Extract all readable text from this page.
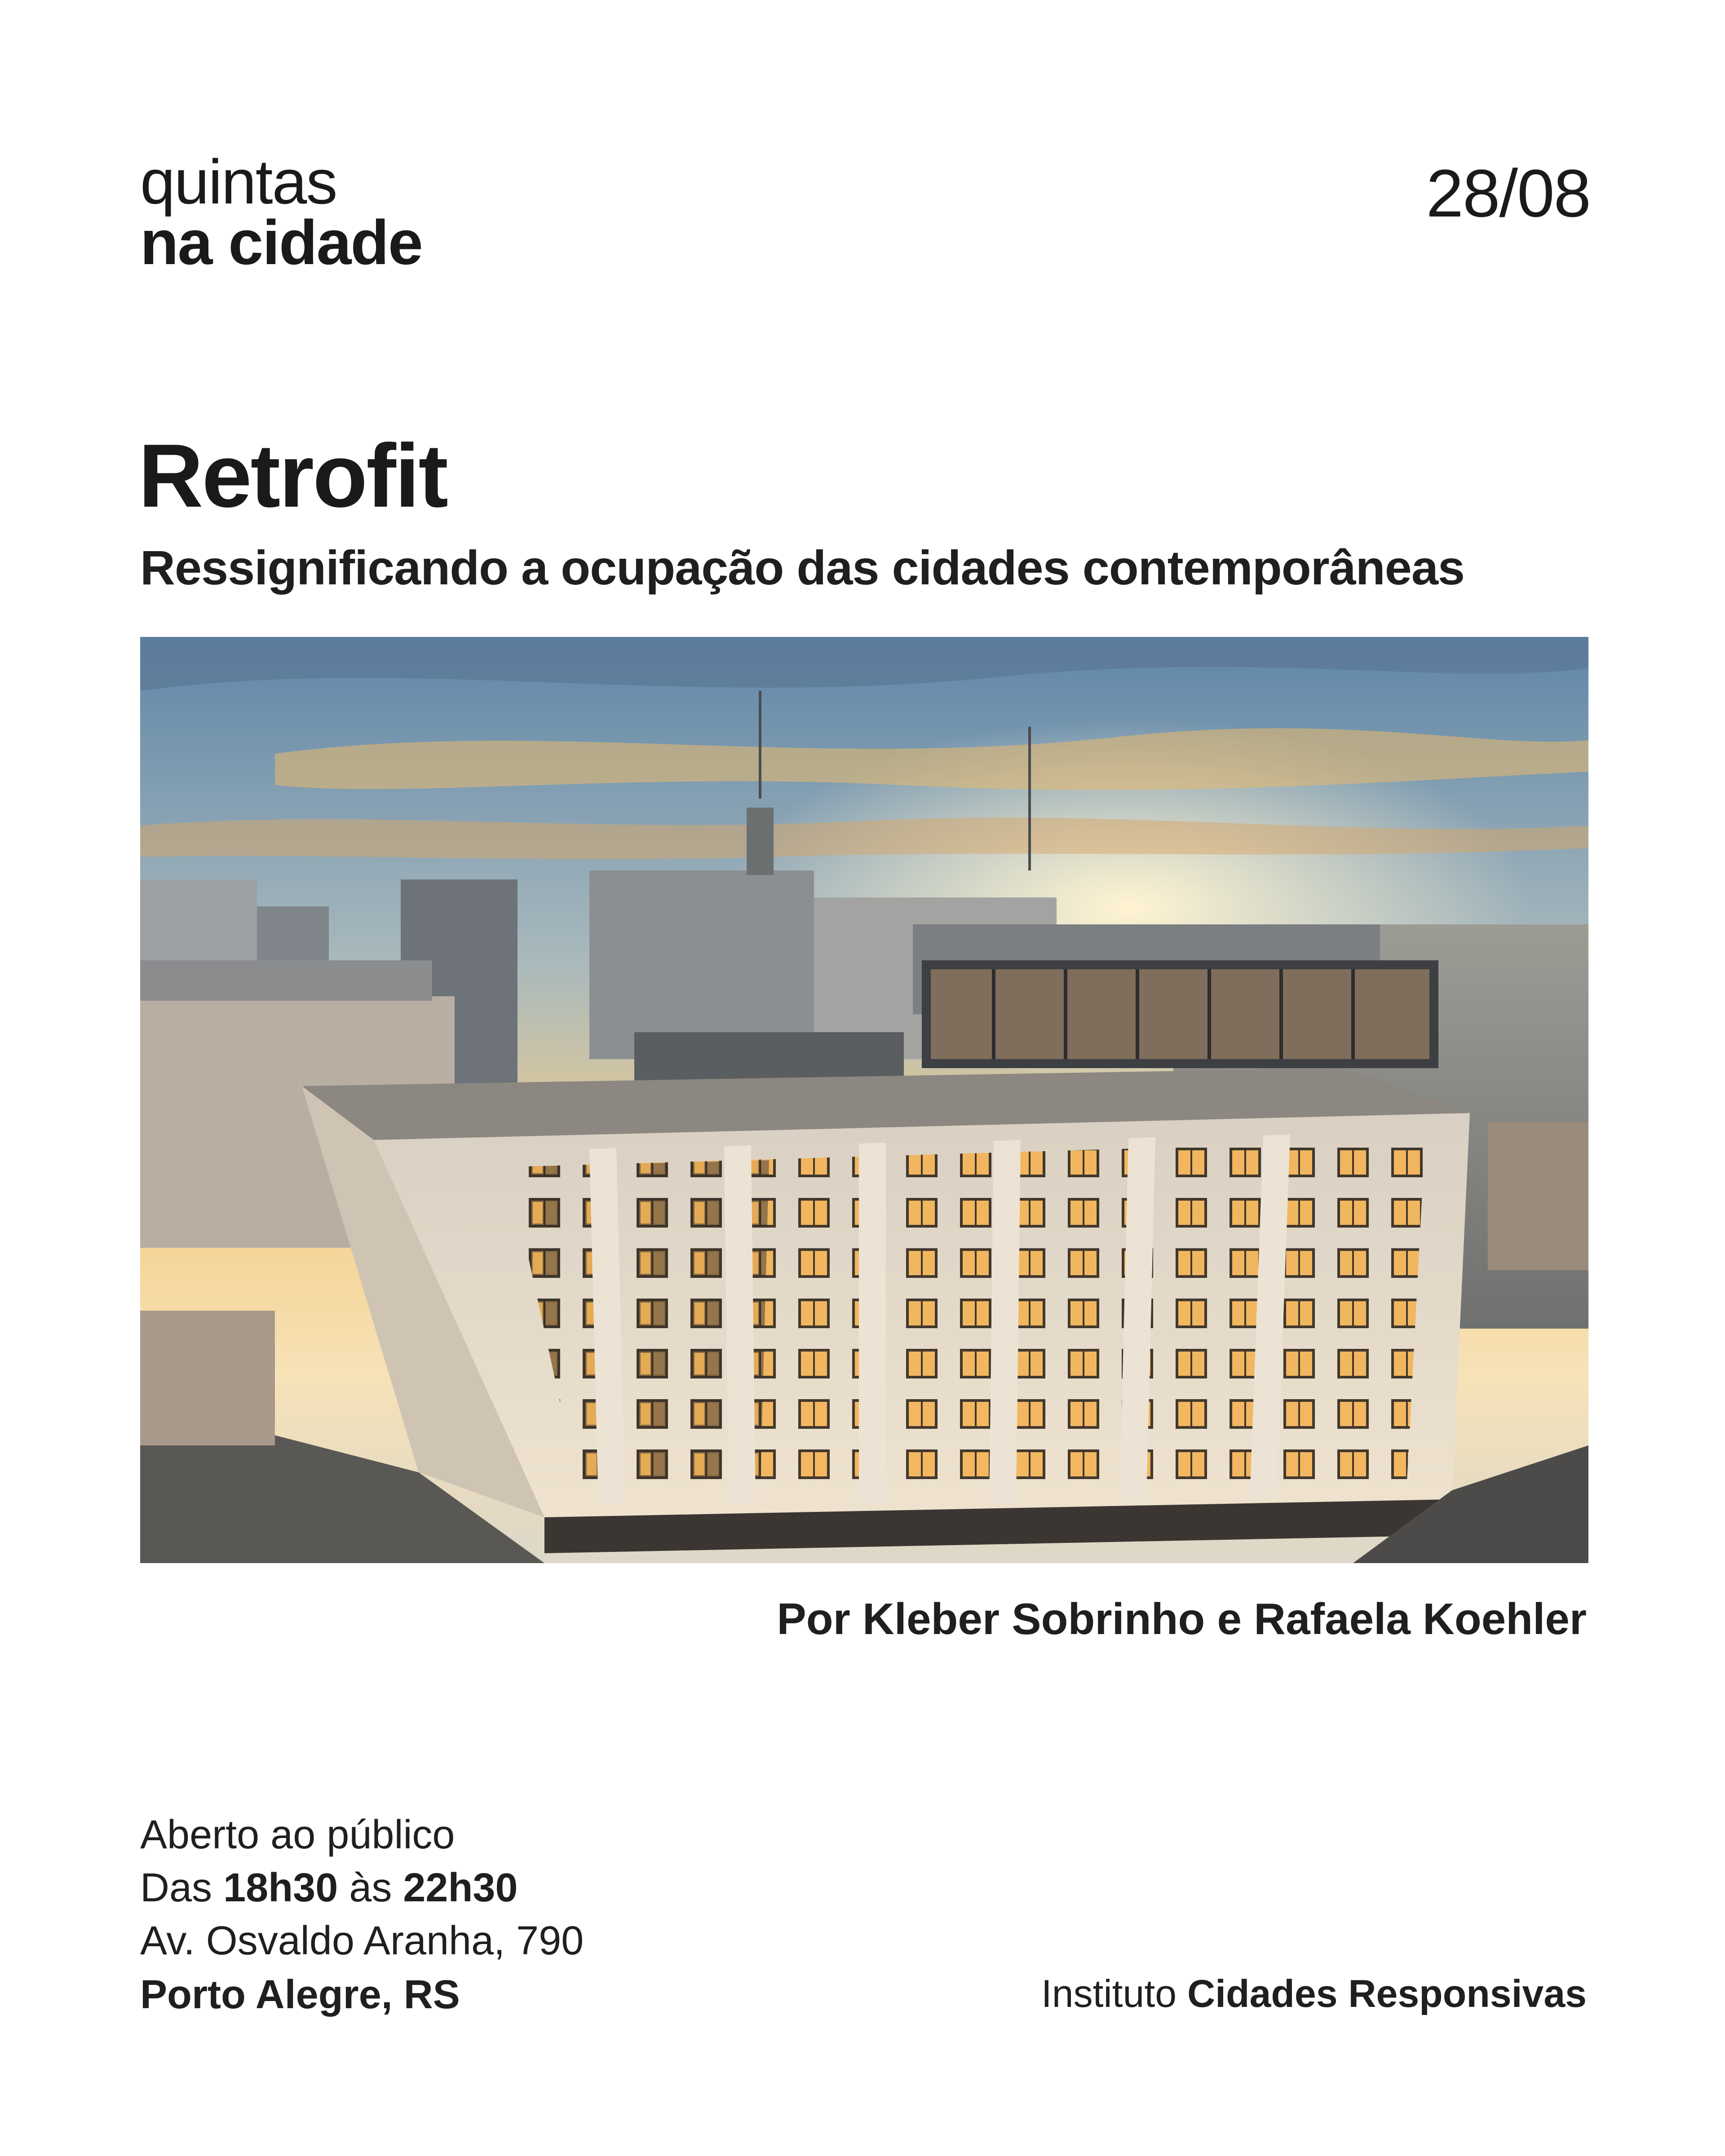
quintas
na cidade
28/08
Retrofit
Ressignificando a ocupação das cidades contemporâneas
Por Kleber Sobrinho e Rafaela Koehler
Aberto ao público
Das 18h30 às 22h30
Av. Osvaldo Aranha, 790
Porto Alegre, RS	Instituto Cidades Responsivas
